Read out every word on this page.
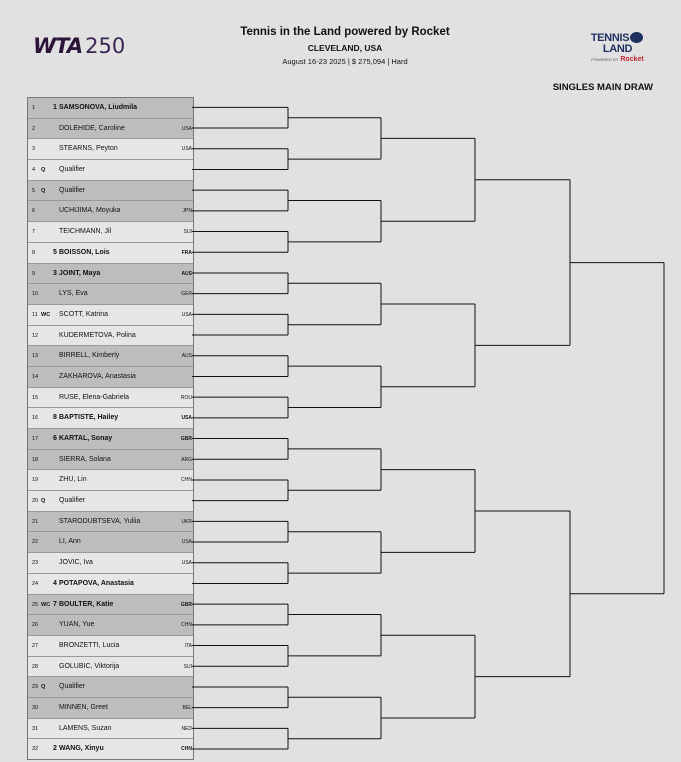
WTA 250
Tennis in the Land powered by Rocket
CLEVELAND, USA
August 16-23 2025 | $ 275,094 | Hard
TENNISLAND
POWERED BY Rocket
SINGLES MAIN DRAW
1	1 SAMSONOVA, Liudmila
2	DOLEHIDE, Caroline	USA
3	STEARNS, Peyton	USA
4 Q Qualifier
5 Q Qualifier
6	UCHIJIMA, Moyuka	JPN
7	TEICHMANN, Jil	SUI
8	5 BOISSON, Lois	FRA
9	3 JOINT, Maya	AUS
10	LYS, Eva	GER
11 WC SCOTT, Katrina	USA
12	KUDERMETOVA, Polina
13	BIRRELL, Kimberly	AUS
14	ZAKHAROVA, Anastasia
15	RUSE, Elena-Gabriela	ROU
16 8 BAPTISTE, Hailey	USA
17 6 KARTAL, Sonay	GBR
18	SIERRA, Solana	ARG
19	ZHU, Lin	CHN
20 Q Qualifier
21	STARODUBTSEVA, Yuliia	UKR
22	LI, Ann	USA
23	JOVIC, Iva	USA
24 4 POTAPOVA, Anastasia
25 WC 7 BOULTER, Katie	GBR
26	YUAN, Yue	CHN
27	BRONZETTI, Lucia	ITA
28	GOLUBIC, Viktorija	SUI
29 Q Qualifier
30	MINNEN, Greet	BEL
31	LAMENS, Suzan	NED
32 2 WANG, Xinyu	CHN
